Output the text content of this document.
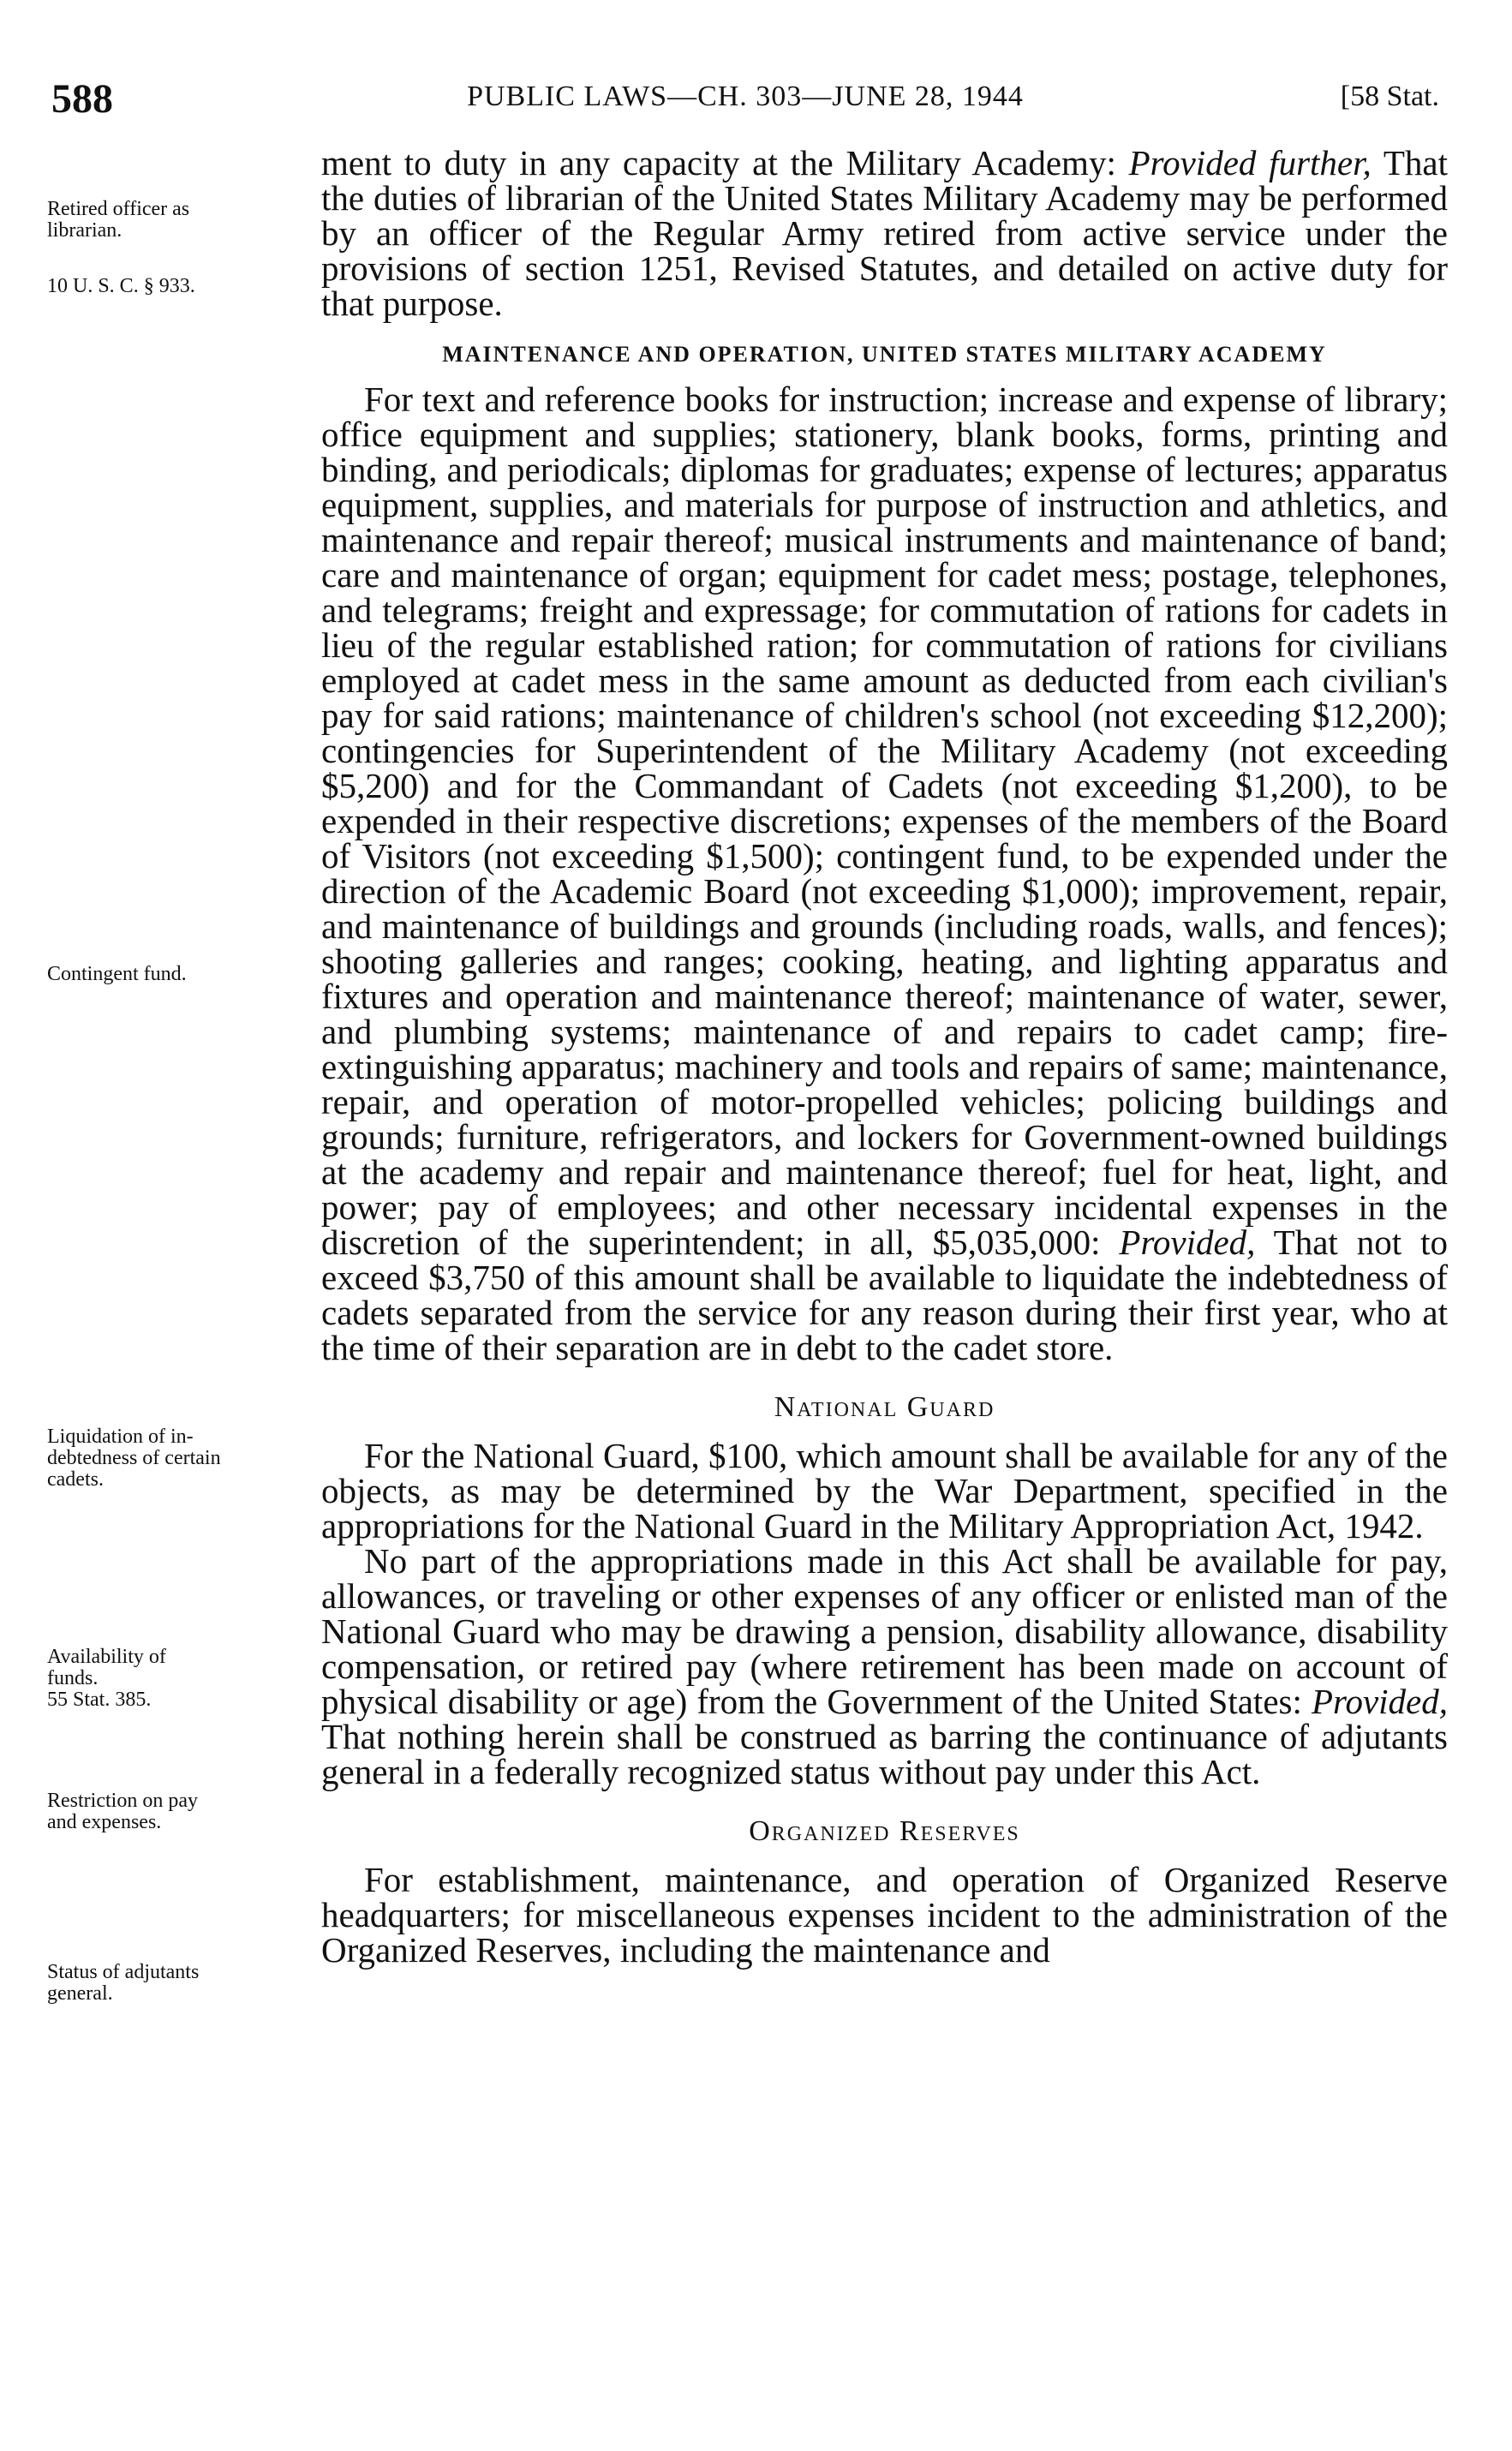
PUBLIC LAWS—CH. 303—JUNE 28, 1944
588	[58 Stat.
Retired officer as
librarian.
10 U. S. C. § 933.
Contingent fund.
Liquidation of in-
debtedness of certain
cadets.
Availability of
funds.
55 Stat. 385.
Restriction on pay
and expenses.
Status of adjutants
general.

ment to duty in any capacity at the Military Academy: Provided further, That the duties of librarian of the United States Military Academy may be performed by an officer of the Regular Army retired from active service under the provisions of section 1251, Revised Statutes, and detailed on active duty for that purpose.

MAINTENANCE AND OPERATION, UNITED STATES MILITARY ACADEMY

For text and reference books for instruction; increase and expense of library; office equipment and supplies; stationery, blank books, forms, printing and binding, and periodicals; diplomas for graduates; expense of lectures; apparatus equipment, supplies, and materials for purpose of instruction and athletics, and maintenance and repair thereof; musical instruments and maintenance of band; care and maintenance of organ; equipment for cadet mess; postage, telephones, and telegrams; freight and expressage; for commutation of rations for cadets in lieu of the regular established ration; for commutation of rations for civilians employed at cadet mess in the same amount as deducted from each civilian's pay for said rations; maintenance of children's school (not exceeding $12,200); contingencies for Superintendent of the Military Academy (not exceeding $5,200) and for the Commandant of Cadets (not exceeding $1,200), to be expended in their respective discretions; expenses of the members of the Board of Visitors (not exceeding $1,500); contingent fund, to be expended under the direction of the Academic Board (not exceeding $1,000); improvement, repair, and maintenance of buildings and grounds (including roads, walls, and fences); shooting galleries and ranges; cooking, heating, and lighting apparatus and fixtures and operation and maintenance thereof; maintenance of water, sewer, and plumbing systems; maintenance of and repairs to cadet camp; fire-extinguishing apparatus; machinery and tools and repairs of same; maintenance, repair, and operation of motor-propelled vehicles; policing buildings and grounds; furniture, refrigerators, and lockers for Government-owned buildings at the academy and repair and maintenance thereof; fuel for heat, light, and power; pay of employees; and other necessary incidental expenses in the discretion of the superintendent; in all, $5,035,000: Provided, That not to exceed $3,750 of this amount shall be available to liquidate the indebtedness of cadets separated from the service for any reason during their first year, who at the time of their separation are in debt to the cadet store.

National Guard

For the National Guard, $100, which amount shall be available for any of the objects, as may be determined by the War Department, specified in the appropriations for the National Guard in the Military Appropriation Act, 1942.

No part of the appropriations made in this Act shall be available for pay, allowances, or traveling or other expenses of any officer or enlisted man of the National Guard who may be drawing a pension, disability allowance, disability compensation, or retired pay (where retirement has been made on account of physical disability or age) from the Government of the United States: Provided, That nothing herein shall be construed as barring the continuance of adjutants general in a federally recognized status without pay under this Act.

Organized Reserves

For establishment, maintenance, and operation of Organized Reserve headquarters; for miscellaneous expenses incident to the administration of the Organized Reserves, including the maintenance and
